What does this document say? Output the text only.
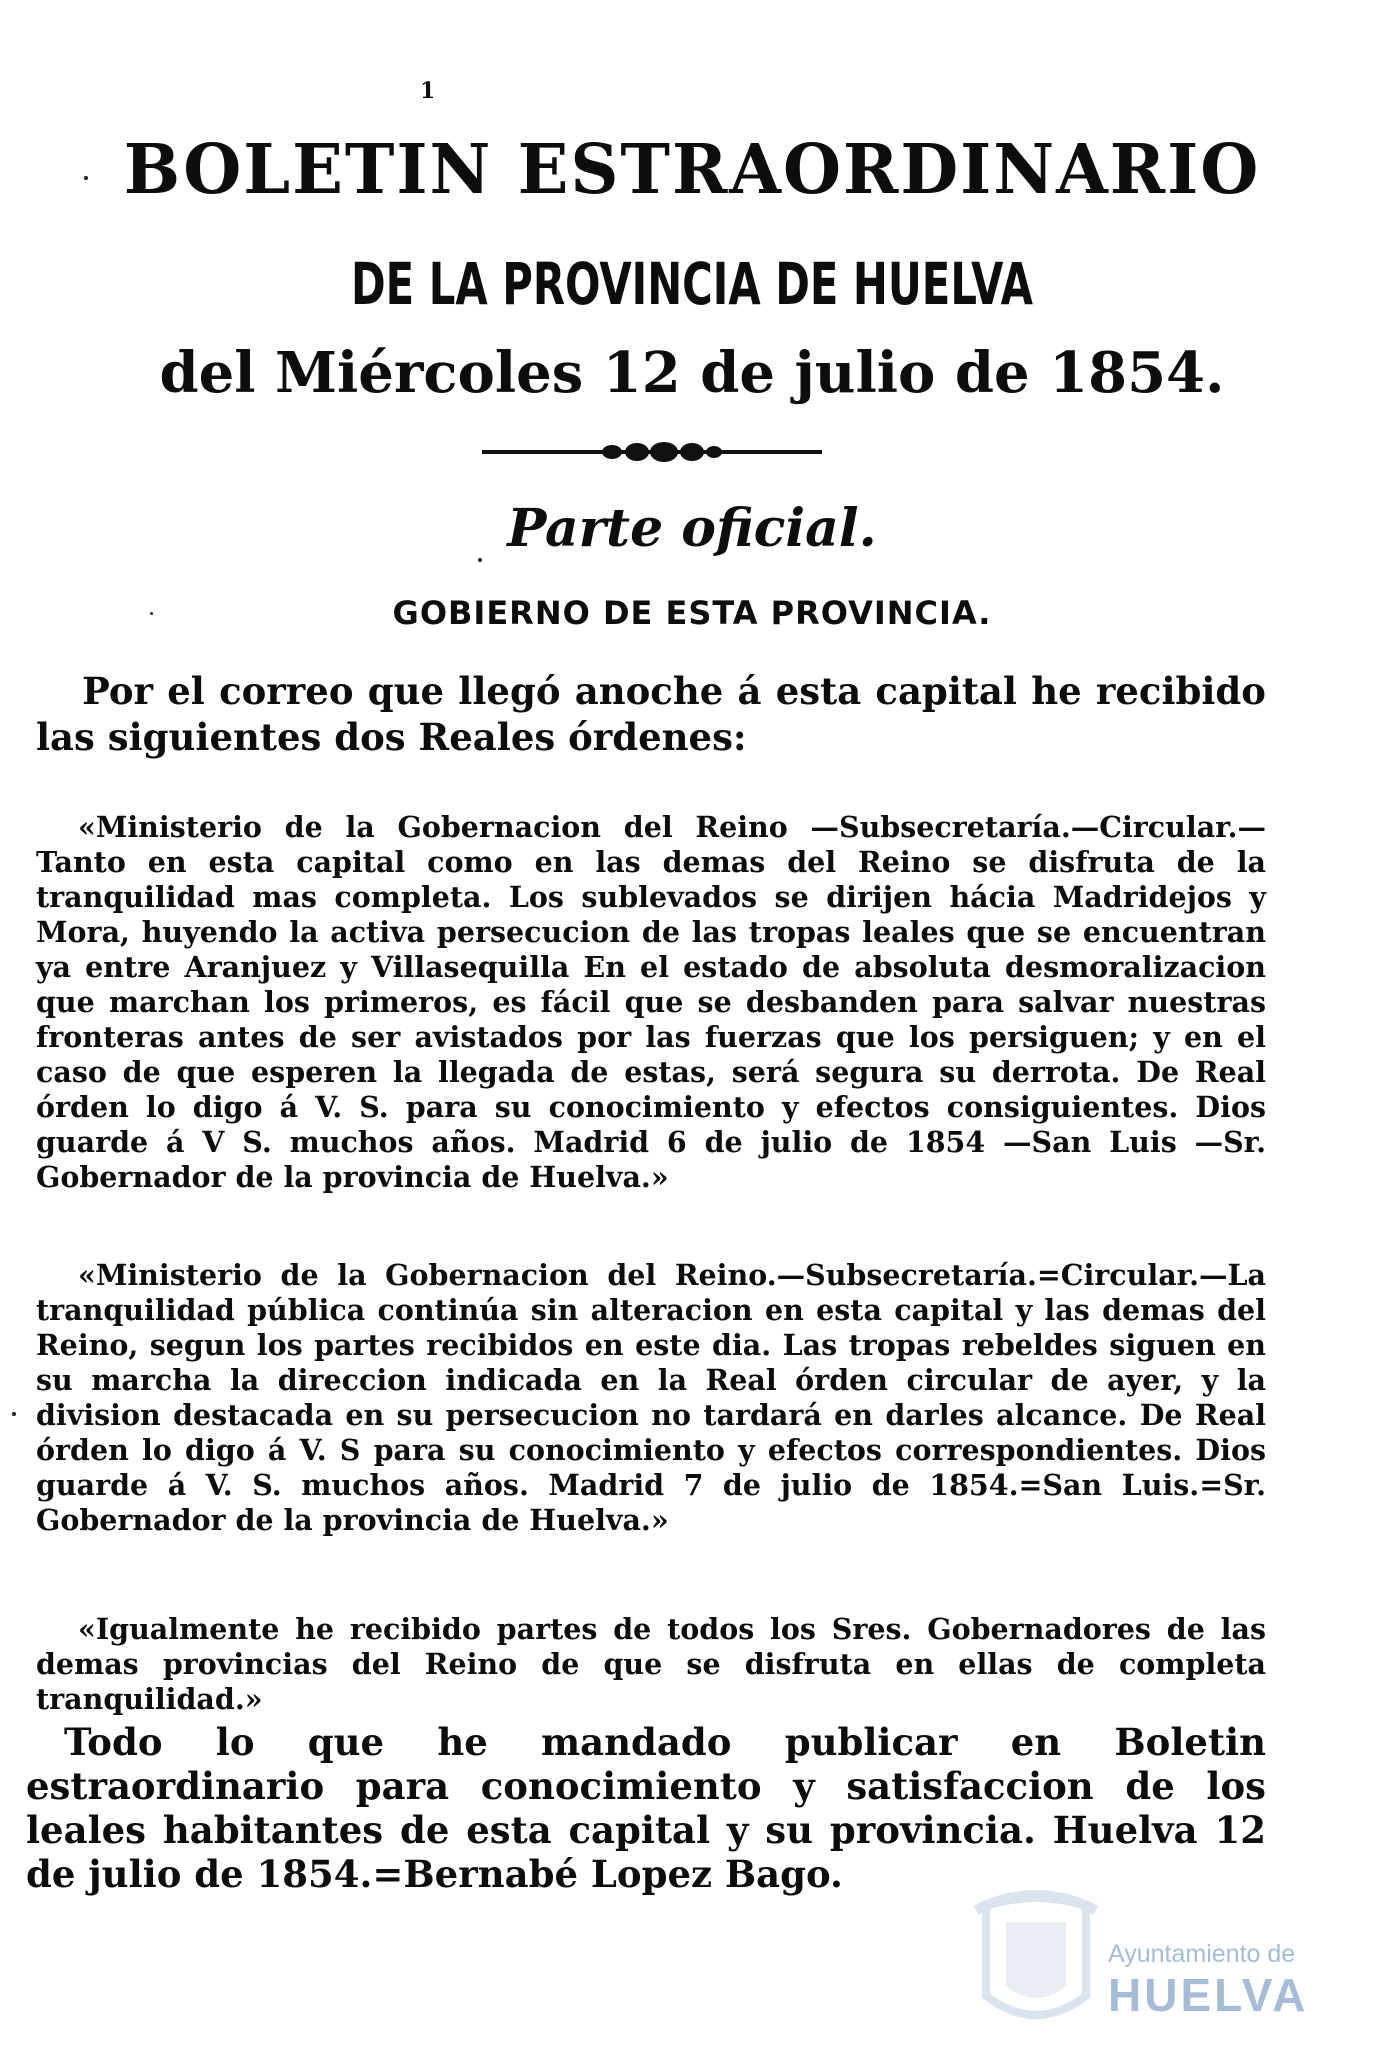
1
BOLETIN ESTRAORDINARIO
DE LA PROVINCIA DE HUELVA
del Miércoles 12 de julio de 1854.
Parte oficial.
GOBIERNO DE ESTA PROVINCIA.
Por el correo que llegó anoche á esta capital he recibido las siguientes dos Reales órdenes:
«Ministerio de la Gobernacion del Reino —Subsecretaría.—Circular.—Tanto en esta capital como en las demas del Reino se disfruta de la tranquilidad mas completa. Los sublevados se dirijen hácia Madridejos y Mora, huyendo la activa persecucion de las tropas leales que se encuentran ya entre Aranjuez y Villasequilla En el estado de absoluta desmoralizacion que marchan los primeros, es fácil que se desbanden para salvar nuestras fronteras antes de ser avistados por las fuerzas que los persiguen; y en el caso de que esperen la llegada de estas, será segura su derrota. De Real órden lo digo á V. S. para su conocimiento y efectos consiguientes. Dios guarde á V S. muchos años. Madrid 6 de julio de 1854 —San Luis —Sr. Gobernador de la provincia de Huelva.»
«Ministerio de la Gobernacion del Reino.—Subsecretaría.=Circular.—La tranquilidad pública continúa sin alteracion en esta capital y las demas del Reino, segun los partes recibidos en este dia. Las tropas rebeldes siguen en su marcha la direccion indicada en la Real órden circular de ayer, y la division destacada en su persecucion no tardará en darles alcance. De Real órden lo digo á V. S para su conocimiento y efectos correspondientes. Dios guarde á V. S. muchos años. Madrid 7 de julio de 1854.=San Luis.=Sr. Gobernador de la provincia de Huelva.»
«Igualmente he recibido partes de todos los Sres. Gobernadores de las demas provincias del Reino de que se disfruta en ellas de completa tranquilidad.»
Todo lo que he mandado publicar en Boletin estraordinario para conocimiento y satisfaccion de los leales habitantes de esta capital y su provincia. Huelva 12 de julio de 1854.=Bernabé Lopez Bago.
Ayuntamiento de
HUELVA
